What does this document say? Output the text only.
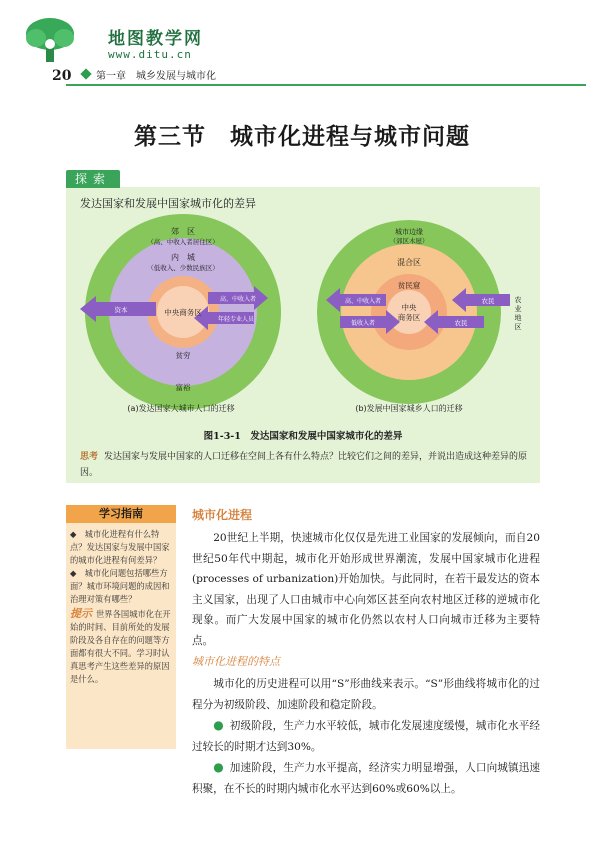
地图教学网
www.ditu.cn
20 第一章　城乡发展与城市化
第三节　城市化进程与城市问题
探索
发达国家和发展中国家城市化的差异
郊　区
（高、中收入者居住区）
内　城
（低收入、少数民族区）
中央商务区
资本
高、中收入者
年轻专业人员
贫穷
富裕
(a)发达国家大城市人口的迁移
城市边缘
（郊区木屋）
混合区
贫民窟
中央
商务区
高、中收入者
低收入者
农民
农民
农业地区
(b)发展中国家城乡人口的迁移
图1-3-1　发达国家和发展中国家城市化的差异
思考 发达国家与发展中国家的人口迁移在空间上各有什么特点？比较它们之间的差异，并说出造成这种差异的原因。
学习指南

◆　城市化进程有什么特点？发达国家与发展中国家的城市化进程有何差异？

◆　城市化问题包括哪些方面？城市环境问题的成因和治理对策有哪些？

提示 世界各国城市化在开始的时间、目前所处的发展阶段及各自存在的问题等方面都有很大不同。学习时认真思考产生这些差异的原因是什么。

城市化进程

20世纪上半期，快速城市化仅仅是先进工业国家的发展倾向，而自20世纪50年代中期起，城市化开始形成世界潮流，发展中国家城市化进程(processes of urbanization)开始加快。与此同时，在若干最发达的资本主义国家，出现了人口由城市中心向郊区甚至向农村地区迁移的逆城市化现象。而广大发展中国家的城市化仍然以农村人口向城市迁移为主要特点。

城市化进程的特点

城市化的历史进程可以用“S”形曲线来表示。“S”形曲线将城市化的过程分为初级阶段、加速阶段和稳定阶段。

● 初级阶段，生产力水平较低，城市化发展速度缓慢，城市化水平经过较长的时期才达到30%。

● 加速阶段，生产力水平提高，经济实力明显增强，人口向城镇迅速积聚，在不长的时期内城市化水平达到60%或60%以上。
